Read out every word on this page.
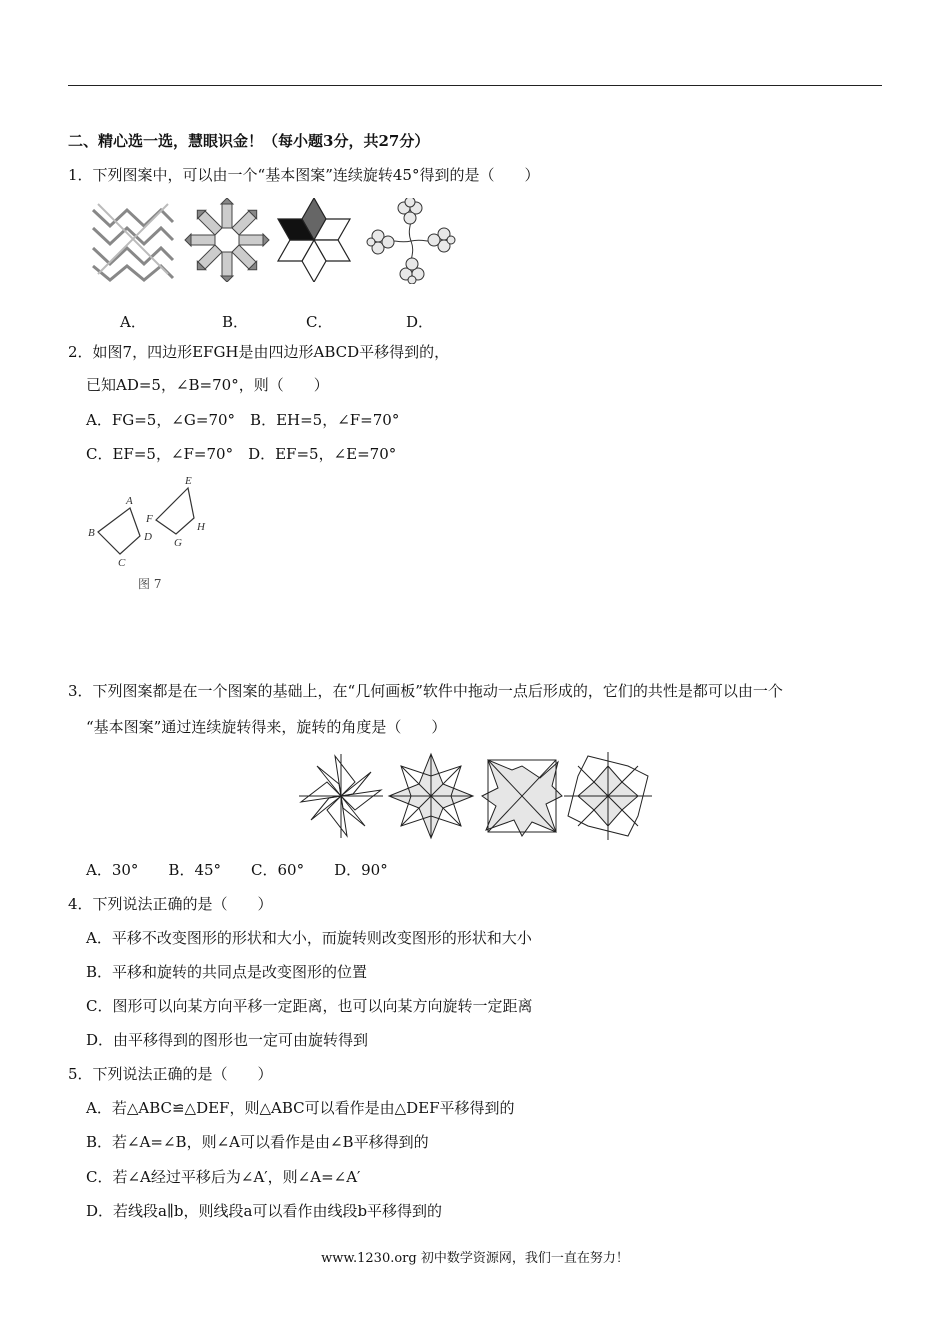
二、精心选一选，慧眼识金！（每小题3分，共27分）
1．下列图案中，可以由一个“基本图案”连续旋转45°得到的是（　　）
A．	B．	C．	D．
2．如图7，四边形EFGH是由四边形ABCD平移得到的，
已知AD=5，∠B=70°，则（　　）
A．FG=5，∠G=70°　B．EH=5，∠F=70°
C．EF=5，∠F=70°　D．EF=5，∠E=70°
A
B
C
D
E
F
G
H
图 7
3．下列图案都是在一个图案的基础上，在“几何画板”软件中拖动一点后形成的，它们的共性是都可以由一个
“基本图案”通过连续旋转得来，旋转的角度是（　　）
A．30°　　B．45°　　C．60°　　D．90°
4．下列说法正确的是（　　）
A．平移不改变图形的形状和大小，而旋转则改变图形的形状和大小
B．平移和旋转的共同点是改变图形的位置
C．图形可以向某方向平移一定距离，也可以向某方向旋转一定距离
D．由平移得到的图形也一定可由旋转得到
5．下列说法正确的是（　　）
A．若△ABC≌△DEF，则△ABC可以看作是由△DEF平移得到的
B．若∠A=∠B，则∠A可以看作是由∠B平移得到的
C．若∠A经过平移后为∠A′，则∠A=∠A′
D．若线段a∥b，则线段a可以看作由线段b平移得到的
www.1230.org 初中数学资源网，我们一直在努力！
